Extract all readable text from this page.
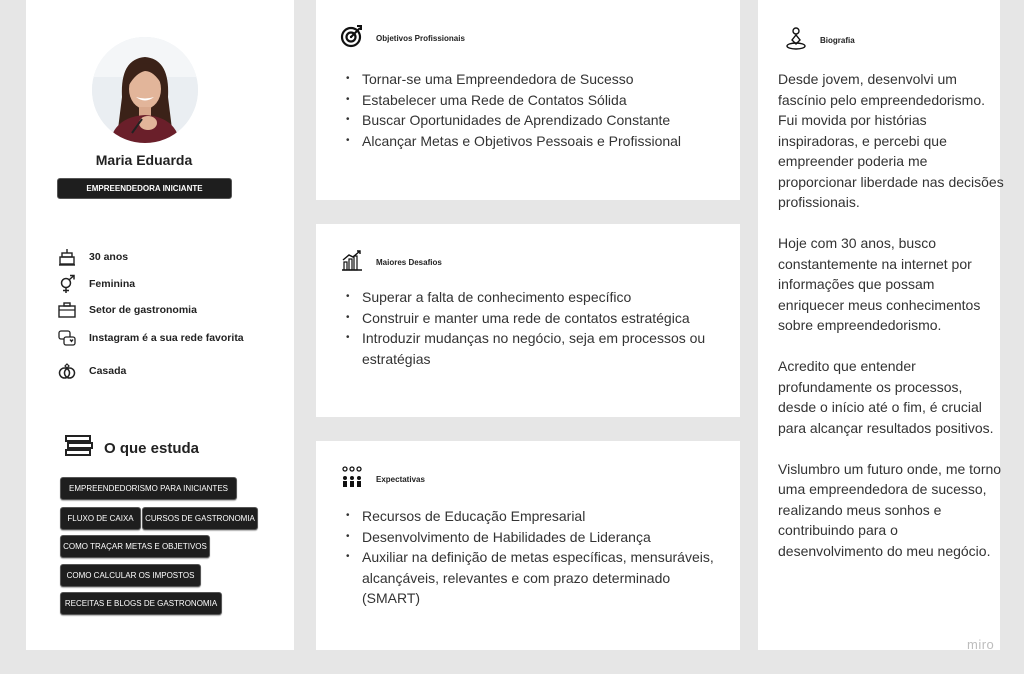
Maria Eduarda
EMPREENDEDORA INICIANTE
30 anos
Feminina
Setor de gastronomia
Instagram é a sua rede favorita
Casada
O que estuda
EMPREENDEDORISMO PARA INICIANTES
FLUXO DE CAIXA	CURSOS DE GASTRONOMIA
COMO TRAÇAR METAS E OBJETIVOS
COMO CALCULAR OS IMPOSTOS
RECEITAS E BLOGS DE GASTRONOMIA
Objetivos Profissionais
• Tornar-se uma Empreendedora de Sucesso
• Estabelecer uma Rede de Contatos Sólida
• Buscar Oportunidades de Aprendizado Constante
• Alcançar Metas e Objetivos Pessoais e Profissional
Maiores Desafios
• Superar a falta de conhecimento específico
• Construir e manter uma rede de contatos estratégica
• Introduzir mudanças no negócio, seja em processos ou estratégias
Expectativas
• Recursos de Educação Empresarial
• Desenvolvimento de Habilidades de Liderança
• Auxiliar na definição de metas específicas, mensuráveis, alcançáveis, relevantes e com prazo determinado (SMART)
Biografia

Desde jovem, desenvolvi um fascínio pelo empreendedorismo. Fui movida por histórias inspiradoras, e percebi que empreender poderia me proporcionar liberdade nas decisões profissionais.

Hoje com 30 anos, busco constantemente na internet por informações que possam enriquecer meus conhecimentos sobre empreendedorismo.

Acredito que entender profundamente os processos, desde o início até o fim, é crucial para alcançar resultados positivos.

Vislumbro um futuro onde, me torno uma empreendedora de sucesso, realizando meus sonhos e contribuindo para o desenvolvimento do meu negócio.

miro
